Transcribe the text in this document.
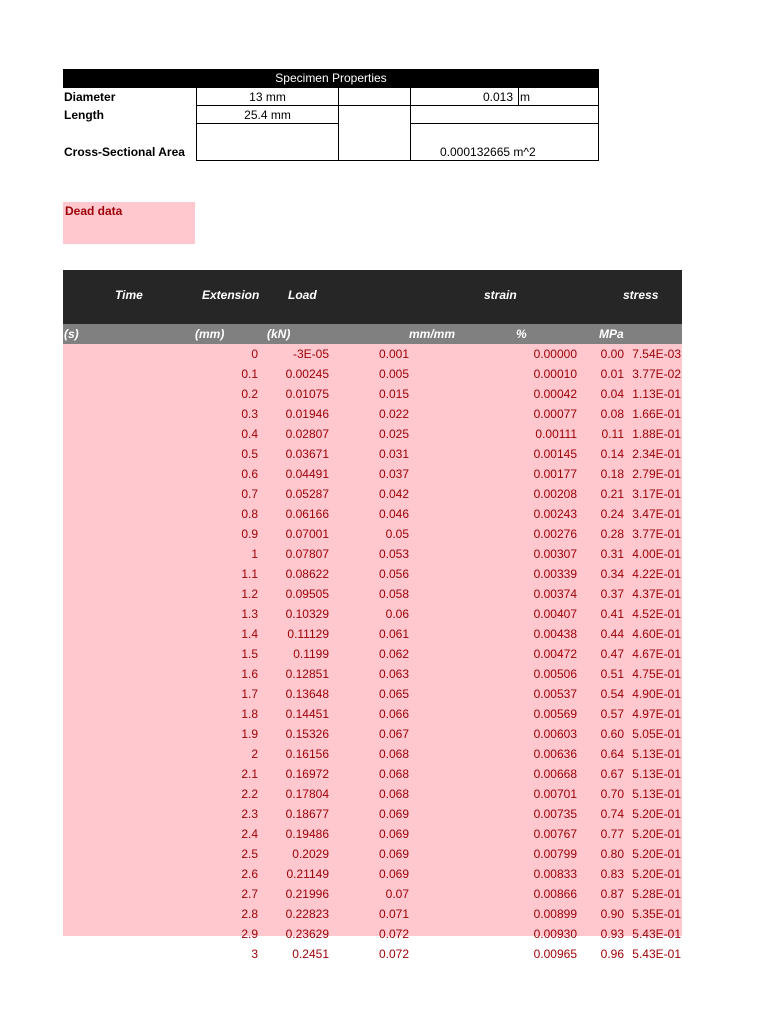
Specimen Properties
Diameter	13 mm	0.013 m
Length	25.4 mm
Cross-Sectional Area	0.000132665 m^2
Dead data
Time	Extension Load	strain	stress
(s)	(mm)	(kN)	mm/mm	%	MPa
0	-3E-05	0.001	0.00000 0.00 7.54E-03
0.1 0.00245	0.005	0.00010 0.01 3.77E-02
0.2 0.01075	0.015	0.00042 0.04 1.13E-01
0.3 0.01946	0.022	0.00077 0.08 1.66E-01
0.4 0.02807	0.025	0.00111 0.11 1.88E-01
0.5 0.03671	0.031	0.00145 0.14 2.34E-01
0.6 0.04491	0.037	0.00177 0.18 2.79E-01
0.7 0.05287	0.042	0.00208 0.21 3.17E-01
0.8 0.06166	0.046	0.00243 0.24 3.47E-01
0.9 0.07001	0.05	0.00276 0.28 3.77E-01
1 0.07807	0.053	0.00307 0.31 4.00E-01
1.1 0.08622	0.056	0.00339 0.34 4.22E-01
1.2 0.09505	0.058	0.00374 0.37 4.37E-01
1.3 0.10329	0.06	0.00407 0.41 4.52E-01
1.4 0.11129	0.061	0.00438 0.44 4.60E-01
1.5	0.1199	0.062	0.00472 0.47 4.67E-01
1.6 0.12851	0.063	0.00506 0.51 4.75E-01
1.7 0.13648	0.065	0.00537 0.54 4.90E-01
1.8 0.14451	0.066	0.00569 0.57 4.97E-01
1.9 0.15326	0.067	0.00603 0.60 5.05E-01
2 0.16156	0.068	0.00636 0.64 5.13E-01
2.1 0.16972	0.068	0.00668 0.67 5.13E-01
2.2 0.17804	0.068	0.00701 0.70 5.13E-01
2.3 0.18677	0.069	0.00735 0.74 5.20E-01
2.4 0.19486	0.069	0.00767 0.77 5.20E-01
2.5	0.2029	0.069	0.00799 0.80 5.20E-01
2.6 0.21149	0.069	0.00833 0.83 5.20E-01
2.7 0.21996	0.07	0.00866 0.87 5.28E-01
2.8 0.22823	0.071	0.00899 0.90 5.35E-01
2.9 0.23629	0.072	0.00930 0.93 5.43E-01
3	0.2451	0.072	0.00965 0.96 5.43E-01
